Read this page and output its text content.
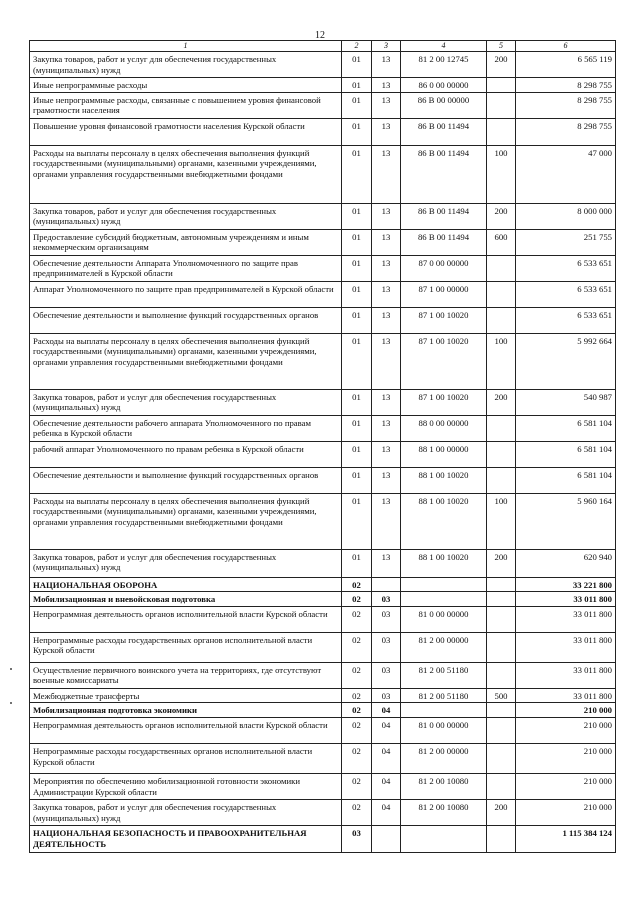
12
1	2	3	4	5	6
Закупка товаров, работ и услуг для обеспечения государственных (муниципальных) нужд	01	13	81 2 00 12745	200	6 565 119
Иные непрограммные расходы	01	13	86 0 00 00000		8 298 755
Иные непрограммные расходы, связанные с повышением уровня финансовой грамотности населения	01	13	86 В 00 00000		8 298 755
Повышение уровня финансовой грамотности населения Курской области	01	13	86 В 00 11494		8 298 755
Расходы на выплаты персоналу в целях обеспечения выполнения функций государственными (муниципальными) органами, казенными учреждениями, органами управления государственными внебюджетными фондами	01	13	86 В 00 11494	100	47 000
Закупка товаров, работ и услуг для обеспечения государственных (муниципальных) нужд	01	13	86 В 00 11494	200	8 000 000
Предоставление субсидий бюджетным, автономным учреждениям и иным некоммерческим организациям	01	13	86 В 00 11494	600	251 755
Обеспечение деятельности Аппарата Уполномоченного по защите прав предпринимателей в Курской области	01	13	87 0 00 00000		6 533 651
Аппарат Уполномоченного по защите прав предпринимателей в Курской области	01	13	87 1 00 00000		6 533 651
Обеспечение деятельности и выполнение функций государственных органов	01	13	87 1 00 10020		6 533 651
Расходы на выплаты персоналу в целях обеспечения выполнения функций государственными (муниципальными) органами, казенными учреждениями, органами управления государственными внебюджетными фондами	01	13	87 1 00 10020	100	5 992 664
Закупка товаров, работ и услуг для обеспечения государственных (муниципальных) нужд	01	13	87 1 00 10020	200	540 987
Обеспечение деятельности рабочего аппарата Уполномоченного по правам ребенка в Курской области	01	13	88 0 00 00000		6 581 104
рабочий аппарат Уполномоченного по правам ребенка в Курской области	01	13	88 1 00 00000		6 581 104
Обеспечение деятельности и выполнение функций государственных органов	01	13	88 1 00 10020		6 581 104
Расходы на выплаты персоналу в целях обеспечения выполнения функций государственными (муниципальными) органами, казенными учреждениями, органами управления государственными внебюджетными фондами	01	13	88 1 00 10020	100	5 960 164
Закупка товаров, работ и услуг для обеспечения государственных (муниципальных) нужд	01	13	88 1 00 10020	200	620 940
НАЦИОНАЛЬНАЯ ОБОРОНА	02				33 221 800
Мобилизационная и вневойсковая подготовка	02	03			33 011 800
Непрограммная деятельность органов исполнительной власти Курской области	02	03	81 0 00 00000		33 011 800
Непрограммные расходы государственных органов исполнительной власти Курской области	02	03	81 2 00 00000		33 011 800
Осуществление первичного воинского учета на территориях, где отсутствуют военные комиссариаты	02	03	81 2 00 51180		33 011 800
Межбюджетные трансферты	02	03	81 2 00 51180	500	33 011 800
Мобилизационная подготовка экономики	02	04			210 000
Непрограммная деятельность органов исполнительной власти Курской области	02	04	81 0 00 00000		210 000
Непрограммные расходы государственных органов исполнительной власти Курской области	02	04	81 2 00 00000		210 000
Мероприятия по обеспечению мобилизационной готовности экономики Администрации Курской области	02	04	81 2 00 10080		210 000
Закупка товаров, работ и услуг для обеспечения государственных (муниципальных) нужд	02	04	81 2 00 10080	200	210 000
НАЦИОНАЛЬНАЯ БЕЗОПАСНОСТЬ И ПРАВООХРАНИТЕЛЬНАЯ ДЕЯТЕЛЬНОСТЬ	03				1 115 384 124
